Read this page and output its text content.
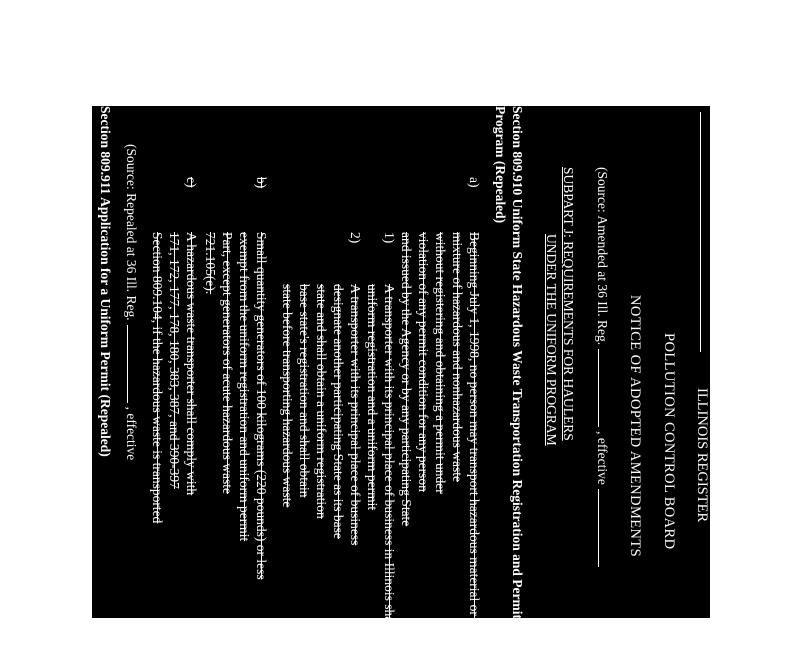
ILLINOIS REGISTER
POLLUTION CONTROL BOARD
NOTICE OF ADOPTED AMENDMENTS
(Source: Amended at 36 Ill. Reg., effective
SUBPART J: REQUIREMENTS FOR HAULERS
UNDER THE UNIFORM PROGRAM
Section 809.910 Uniform State Hazardous Waste Transportation Registration and Permit
Program (Repealed)
a)
Beginning July 1, 1998, no person may transport hazardous material or a
mixture of hazardous and nonhazardous waste
without registering and obtaining a permit under
violation of any permit condition for any person
and issued by the Agency or by any participating State
1)
A transporter with its principal place of business in Illinois shall obtain
uniform registration and a uniform permit
2)
A transporter with its principal place of business
designate another participating State as its base
state and shall obtain a uniform registration
base state's registration and shall obtain
state before transporting hazardous waste
b)
Small quantity generators of 100 kilograms (220 pounds) or less
exempt from the uniform registration and uniform permit
Part, except generators of acute hazardous waste
721.105(e).
c)
A hazardous waste transporter shall comply with
171, 172, 177, 178, 180, 383, 387, and 390-397
Section 809.104, if the hazardous waste is transported
(Source: Repealed at 36 Ill. Reg., effective
Section 809.911 Application for a Uniform Permit (Repealed)
a)
Hazardous waste transporters whose base state
permit from the Agency by completing Part I
provided by the Agency. The application form
identical in scope, coverage, and content to the
